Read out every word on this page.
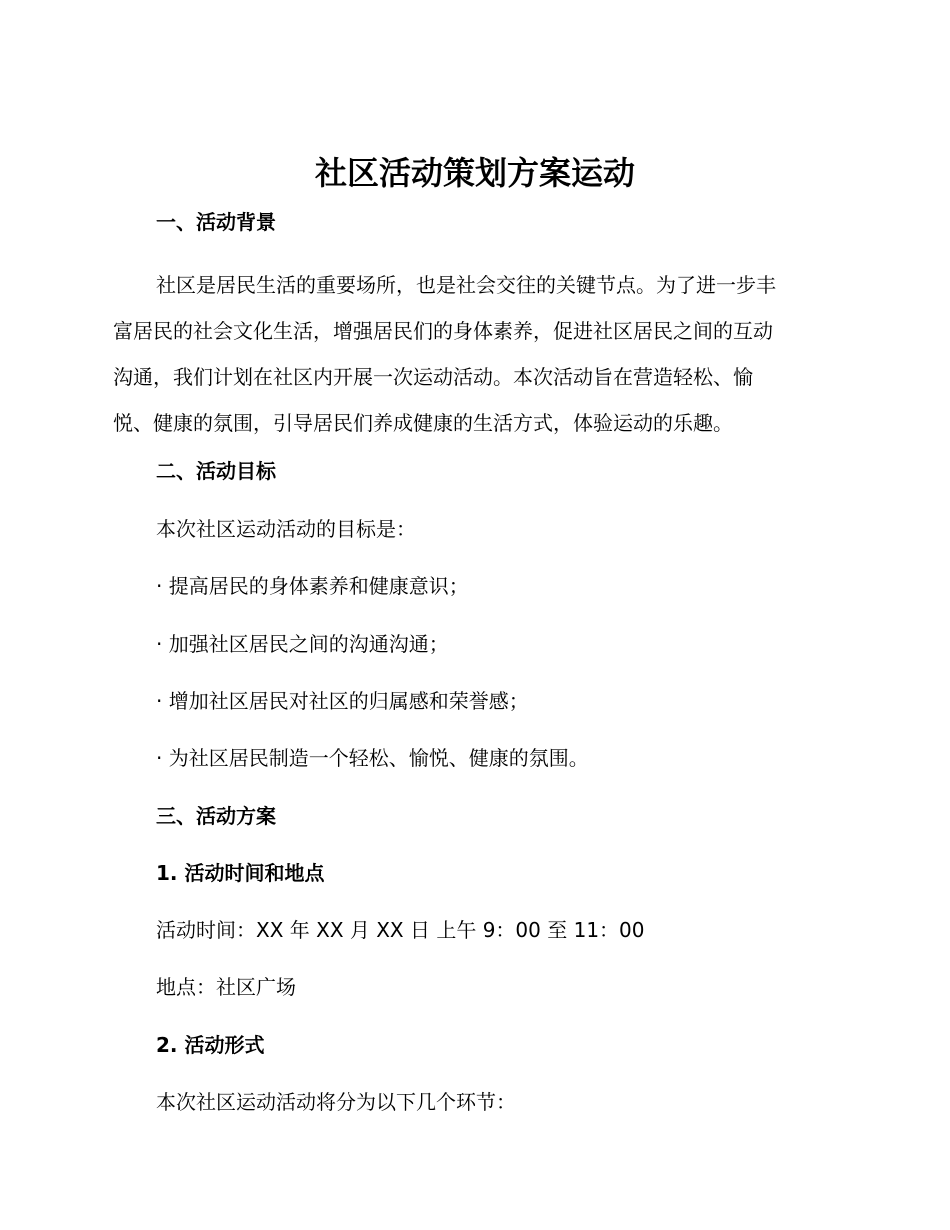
社区活动策划方案运动
一、活动背景
社区是居民生活的重要场所，也是社会交往的关键节点。为了进一步丰
富居民的社会文化生活，增强居民们的身体素养，促进社区居民之间的互动
沟通，我们计划在社区内开展一次运动活动。本次活动旨在营造轻松、愉
悦、健康的氛围，引导居民们养成健康的生活方式，体验运动的乐趣。
二、活动目标

本次社区运动活动的目标是：

· 提高居民的身体素养和健康意识；

· 加强社区居民之间的沟通沟通；

· 增加社区居民对社区的归属感和荣誉感；

· 为社区居民制造一个轻松、愉悦、健康的氛围。

三、活动方案
1. 活动时间和地点

活动时间：XX 年 XX 月 XX 日 上午 9：00 至 11：00

地点：社区广场

2. 活动形式

本次社区运动活动将分为以下几个环节：
